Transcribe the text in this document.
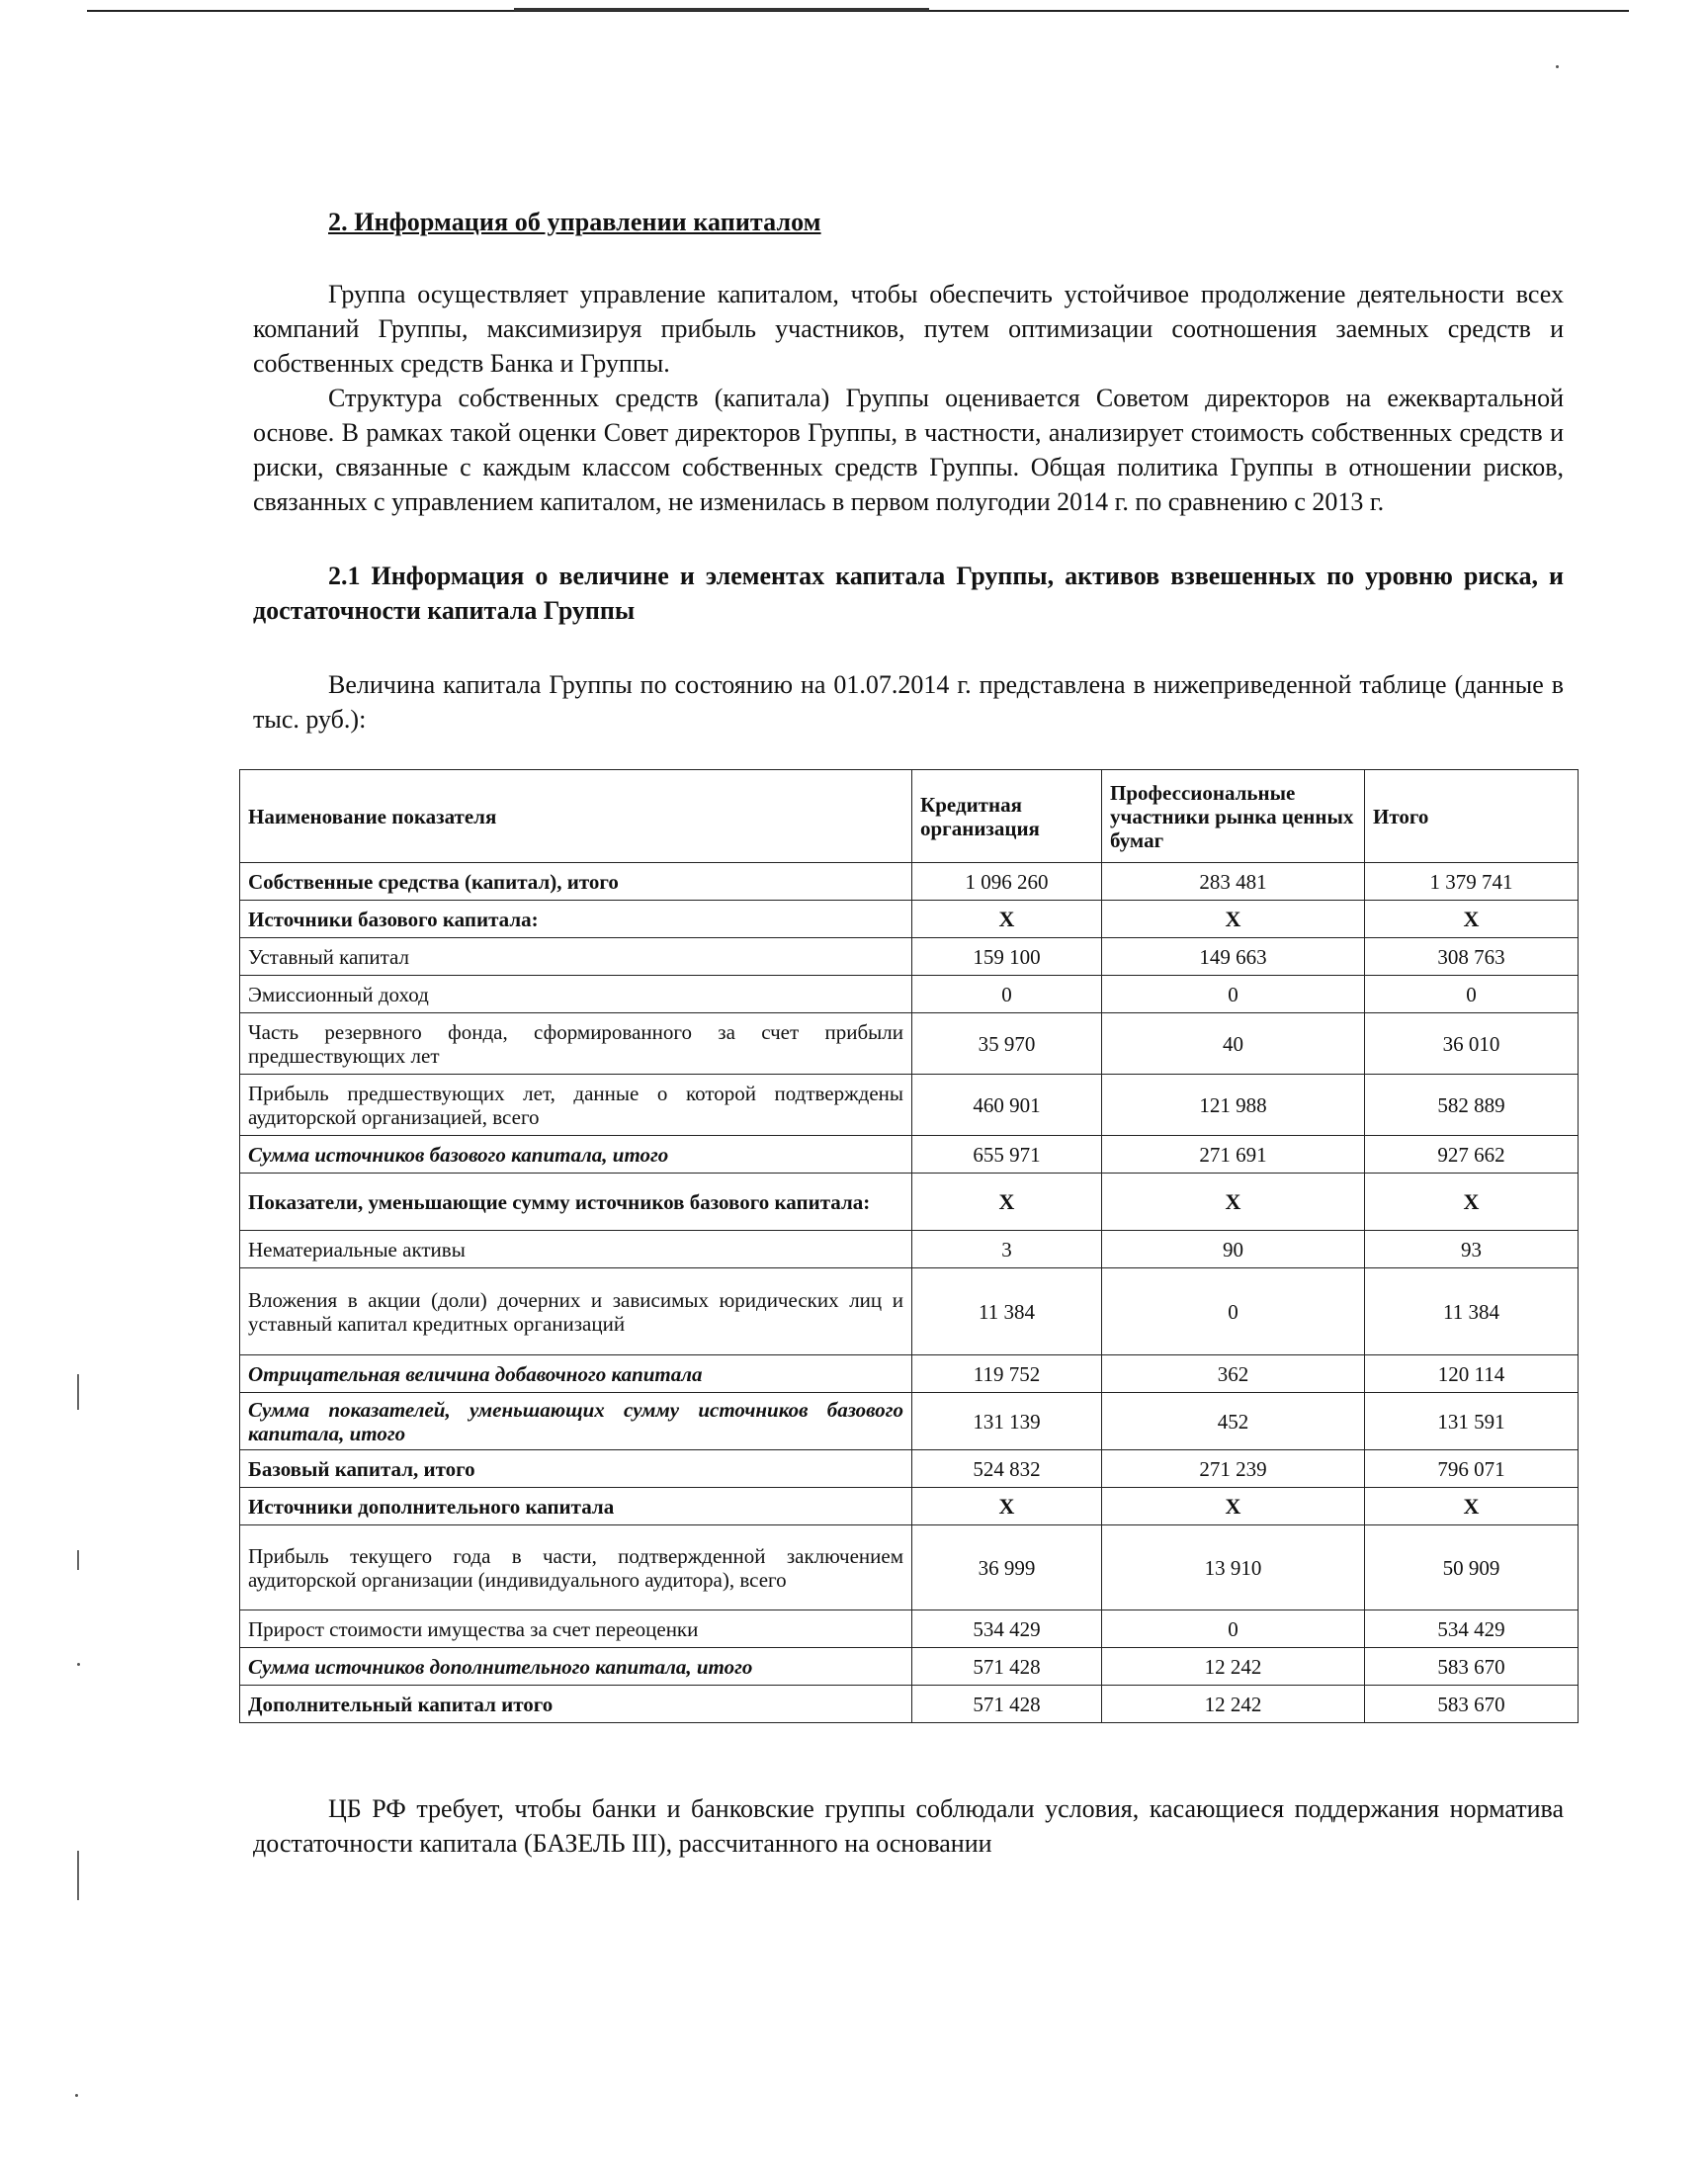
2. Информация об управлении капиталом

Группа осуществляет управление капиталом, чтобы обеспечить устойчивое продолжение деятельности всех компаний Группы, максимизируя прибыль участников, путем оптимизации соотношения заемных средств и собственных средств Банка и Группы.

Структура собственных средств (капитала) Группы оценивается Советом директоров на ежеквартальной основе. В рамках такой оценки Совет директоров Группы, в частности, анализирует стоимость собственных средств и риски, связанные с каждым классом собственных средств Группы. Общая политика Группы в отношении рисков, связанных с управлением капиталом, не изменилась в первом полугодии 2014 г. по сравнению с 2013 г.

2.1 Информация о величине и элементах капитала Группы, активов взвешенных по уровню риска, и достаточности капитала Группы

Величина капитала Группы по состоянию на 01.07.2014 г. представлена в нижеприведенной таблице (данные в тыс. руб.):

Наименование показателя	Кредитная организация	Профессиональные участники рынка ценных бумаг	Итого
Собственные средства (капитал), итого	1 096 260	283 481	1 379 741
Источники базового капитала:	X	X	X
Уставный капитал	159 100	149 663	308 763
Эмиссионный доход	0	0	0
Часть резервного фонда, сформированного за счет прибыли предшествующих лет	35 970	40	36 010
Прибыль предшествующих лет, данные о которой подтверждены аудиторской организацией, всего	460 901	121 988	582 889
Сумма источников базового капитала, итого	655 971	271 691	927 662
Показатели, уменьшающие сумму источников базового капитала:	X	X	X
Нематериальные активы	3	90	93
Вложения в акции (доли) дочерних и зависимых юридических лиц и уставный капитал кредитных организаций	11 384	0	11 384
Отрицательная величина добавочного капитала	119 752	362	120 114
Сумма показателей, уменьшающих сумму источников базового капитала, итого	131 139	452	131 591
Базовый капитал, итого	524 832	271 239	796 071
Источники дополнительного капитала	X	X	X
Прибыль текущего года в части, подтвержденной заключением аудиторской организации (индивидуального аудитора), всего	36 999	13 910	50 909
Прирост стоимости имущества за счет переоценки	534 429	0	534 429
Сумма источников дополнительного капитала, итого	571 428	12 242	583 670
Дополнительный капитал итого	571 428	12 242	583 670

ЦБ РФ требует, чтобы банки и банковские группы соблюдали условия, касающиеся поддержания норматива достаточности капитала (БАЗЕЛЬ III), рассчитанного на основании
